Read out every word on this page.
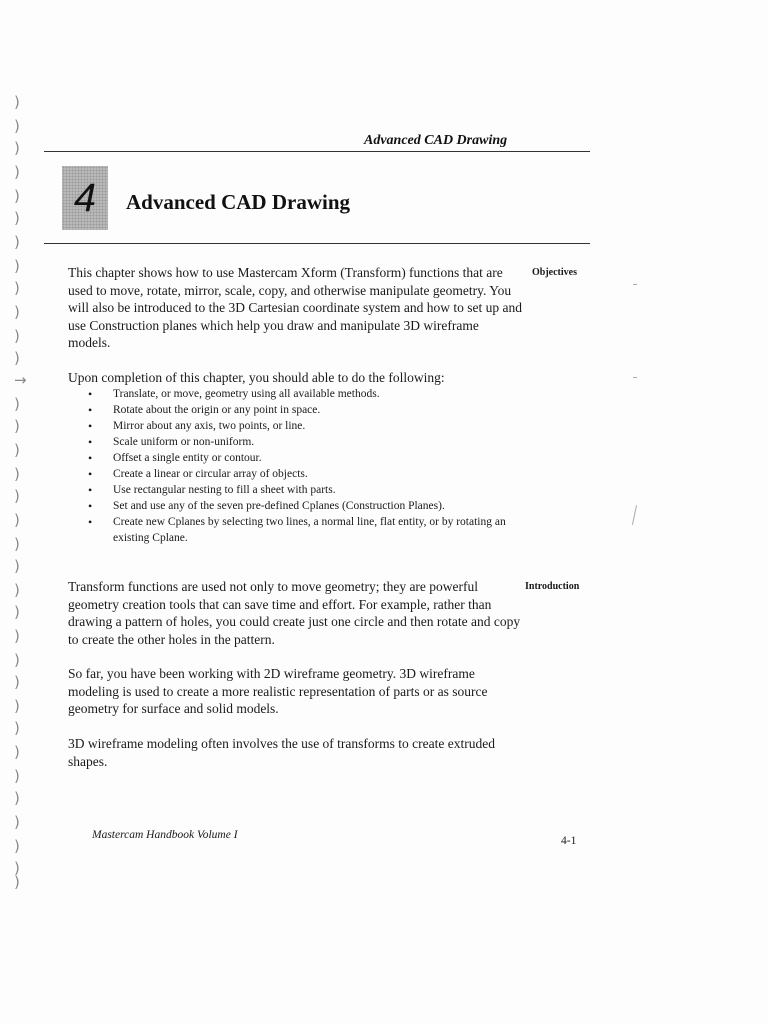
)
)
)
)
)
)
)
)
)
)
)
)
→
)
)
)
)
)
)
)
)
)
)
)
)
)
)
)
)
)
)
)
)
)
)
Advanced CAD Drawing
4	Advanced CAD Drawing
Objectives

This chapter shows how to use Mastercam Xform (Transform) functions that are used to move, rotate, mirror, scale, copy, and otherwise manipulate geometry. You will also be introduced to the 3D Cartesian coordinate system and how to set up and use Construction planes which help you draw and manipulate 3D wireframe models.

Upon completion of this chapter, you should able to do the following:

• Translate, or move, geometry using all available methods.
• Rotate about the origin or any point in space.
• Mirror about any axis, two points, or line.
• Scale uniform or non-uniform.
• Offset a single entity or contour.
• Create a linear or circular array of objects.
• Use rectangular nesting to fill a sheet with parts.
• Set and use any of the seven pre-defined Cplanes (Construction Planes).
• Create new Cplanes by selecting two lines, a normal line, flat entity, or by rotating an existing Cplane.
Introduction

Transform functions are used not only to move geometry; they are powerful geometry creation tools that can save time and effort. For example, rather than drawing a pattern of holes, you could create just one circle and then rotate and copy to create the other holes in the pattern.

So far, you have been working with 2D wireframe geometry. 3D wireframe modeling is used to create a more realistic representation of parts or as source geometry for surface and solid models.

3D wireframe modeling often involves the use of transforms to create extruded shapes.

Mastercam Handbook Volume I	4-1
